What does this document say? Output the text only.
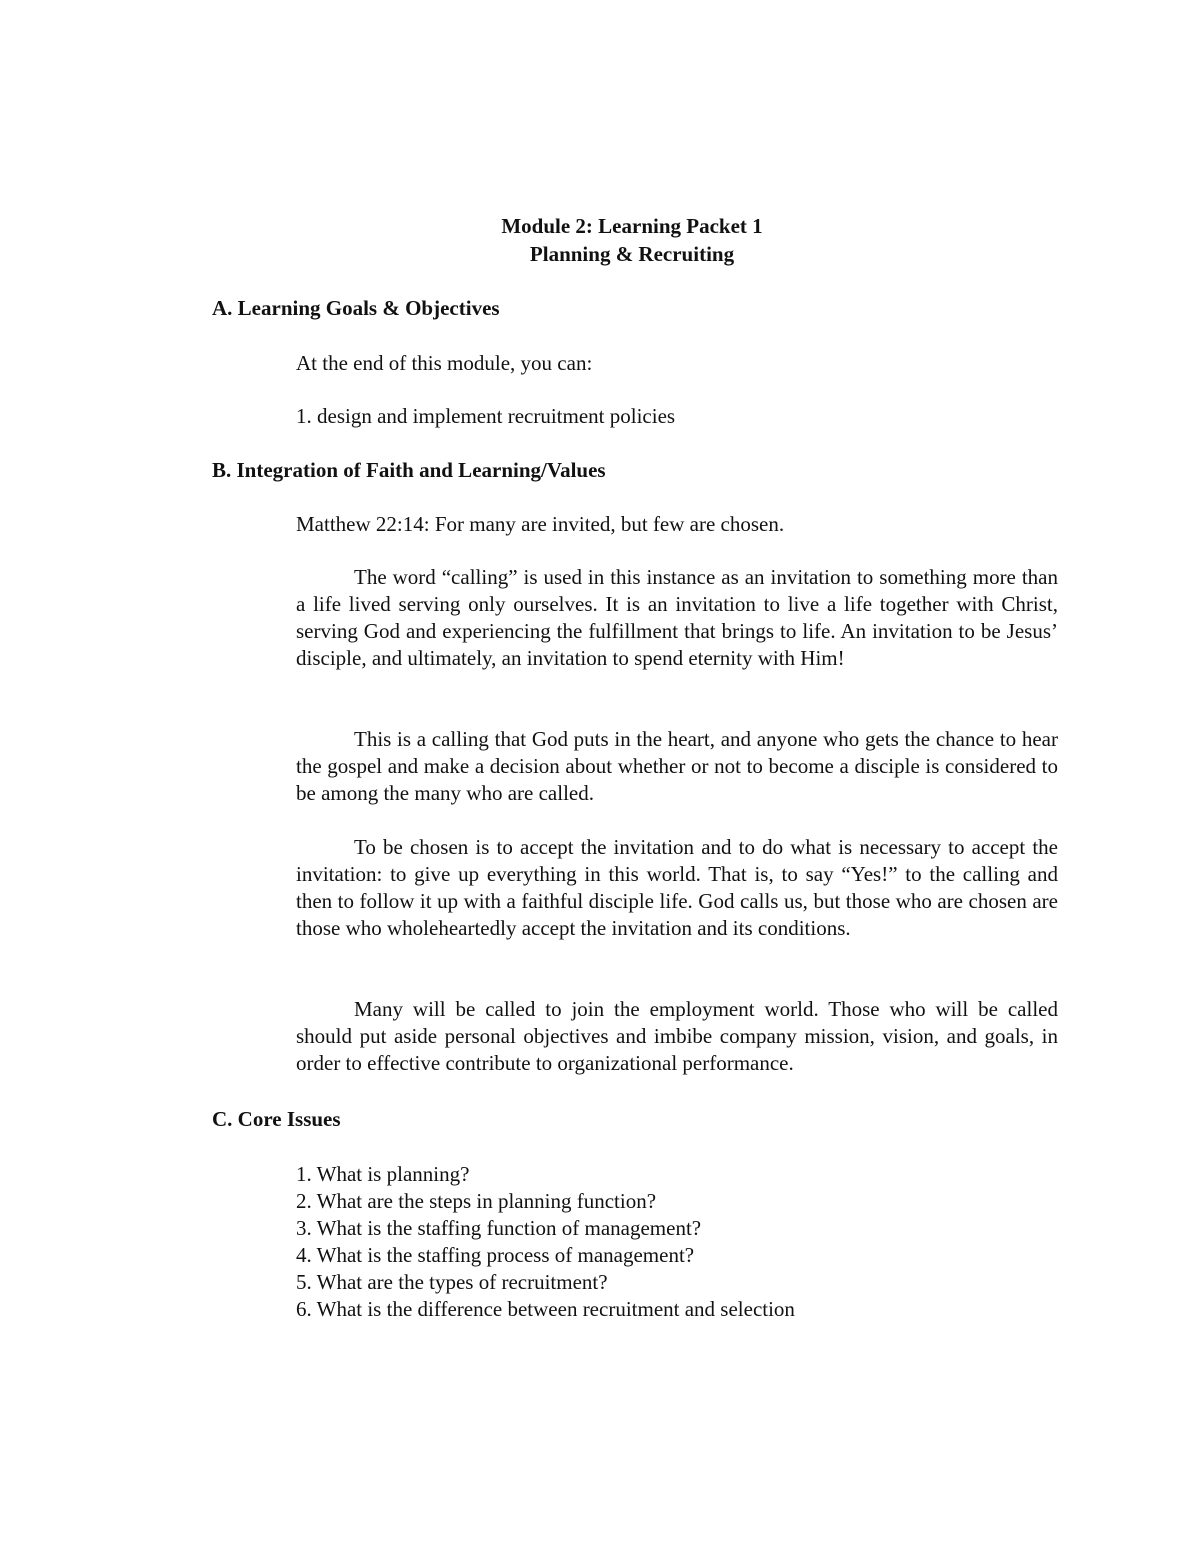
Module 2: Learning Packet 1
Planning & Recruiting
A. Learning Goals & Objectives

At the end of this module, you can:

1. design and implement recruitment policies

B. Integration of Faith and Learning/Values

Matthew 22:14: For many are invited, but few are chosen.

The word “calling” is used in this instance as an invitation to something more than a life lived serving only ourselves. It is an invitation to live a life together with Christ, serving God and experiencing the fulfillment that brings to life. An invitation to be Jesus’ disciple, and ultimately, an invitation to spend eternity with Him!

This is a calling that God puts in the heart, and anyone who gets the chance to hear the gospel and make a decision about whether or not to become a disciple is considered to be among the many who are called.

To be chosen is to accept the invitation and to do what is necessary to accept the invitation: to give up everything in this world. That is, to say “Yes!” to the calling and then to follow it up with a faithful disciple life. God calls us, but those who are chosen are those who wholeheartedly accept the invitation and its conditions.

Many will be called to join the employment world. Those who will be called should put aside personal objectives and imbibe company mission, vision, and goals, in order to effective contribute to organizational performance.

C. Core Issues
1. What is planning?
2. What are the steps in planning function?
3. What is the staffing function of management?
4. What is the staffing process of management?
5. What are the types of recruitment?
6. What is the difference between recruitment and selection
